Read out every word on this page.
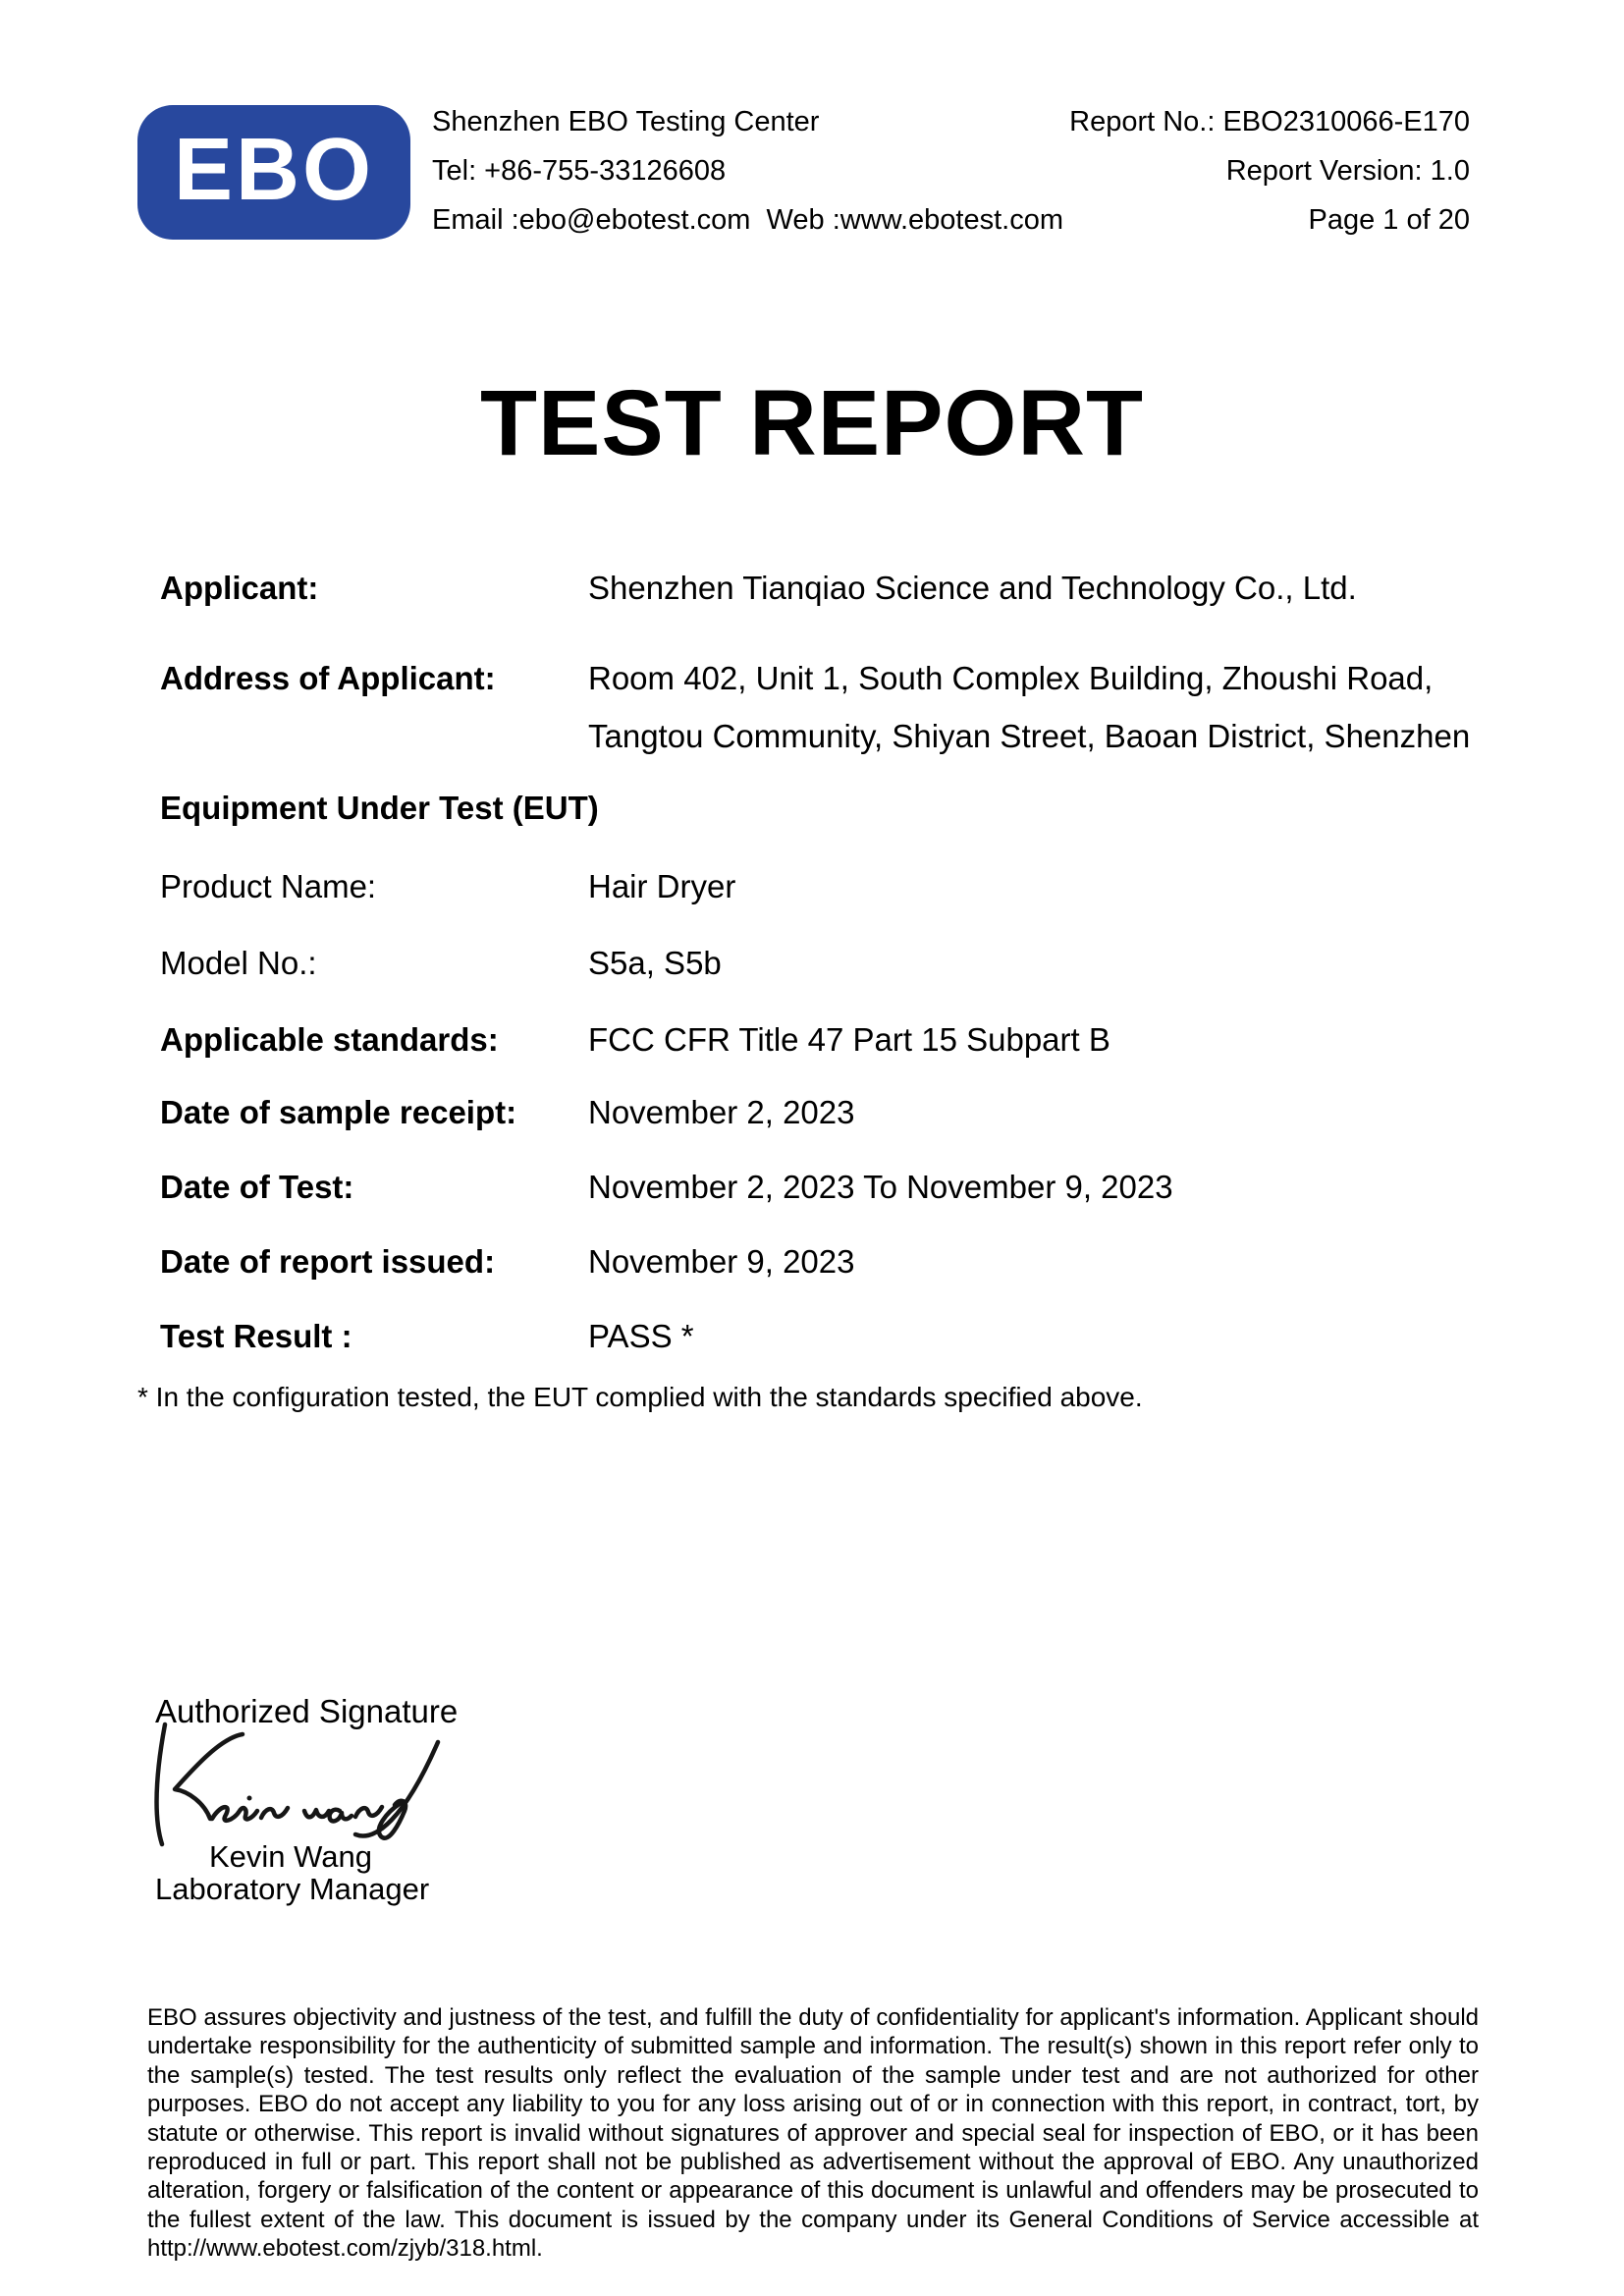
EBO Shenzhen EBO Testing Center
Tel: +86-755-33126608
Email :ebo@ebotest.com  Web :www.ebotest.com
Report No.: EBO2310066-E170
Report Version: 1.0
Page 1 of 20
TEST REPORT
Applicant:	Shenzhen Tianqiao Science and Technology Co., Ltd.
Address of Applicant:	Room 402, Unit 1, South Complex Building, Zhoushi Road, Tangtou Community, Shiyan Street, Baoan District, Shenzhen
Equipment Under Test (EUT)
Product Name:	Hair Dryer
Model No.:	S5a, S5b
Applicable standards:	FCC CFR Title 47 Part 15 Subpart B
Date of sample receipt: November 2, 2023
Date of Test:	November 2, 2023 To November 9, 2023
Date of report issued:	November 9, 2023
Test Result :	PASS *
* In the configuration tested, the EUT complied with the standards specified above.
Authorized Signature
Kevin Wang
Laboratory Manager
EBO assures objectivity and justness of the test, and fulfill the duty of confidentiality for applicant's information. Applicant should undertake responsibility for the authenticity of submitted sample and information. The result(s) shown in this report refer only to the sample(s) tested. The test results only reflect the evaluation of the sample under test and are not authorized for other purposes. EBO do not accept any liability to you for any loss arising out of or in connection with this report, in contract, tort, by statute or otherwise. This report is invalid without signatures of approver and special seal for inspection of EBO, or it has been reproduced in full or part. This report shall not be published as advertisement without the approval of EBO. Any unauthorized alteration, forgery or falsification of the content or appearance of this document is unlawful and offenders may be prosecuted to the fullest extent of the law. This document is issued by the company under its General Conditions of Service accessible at http://www.ebotest.com/zjyb/318.html.
